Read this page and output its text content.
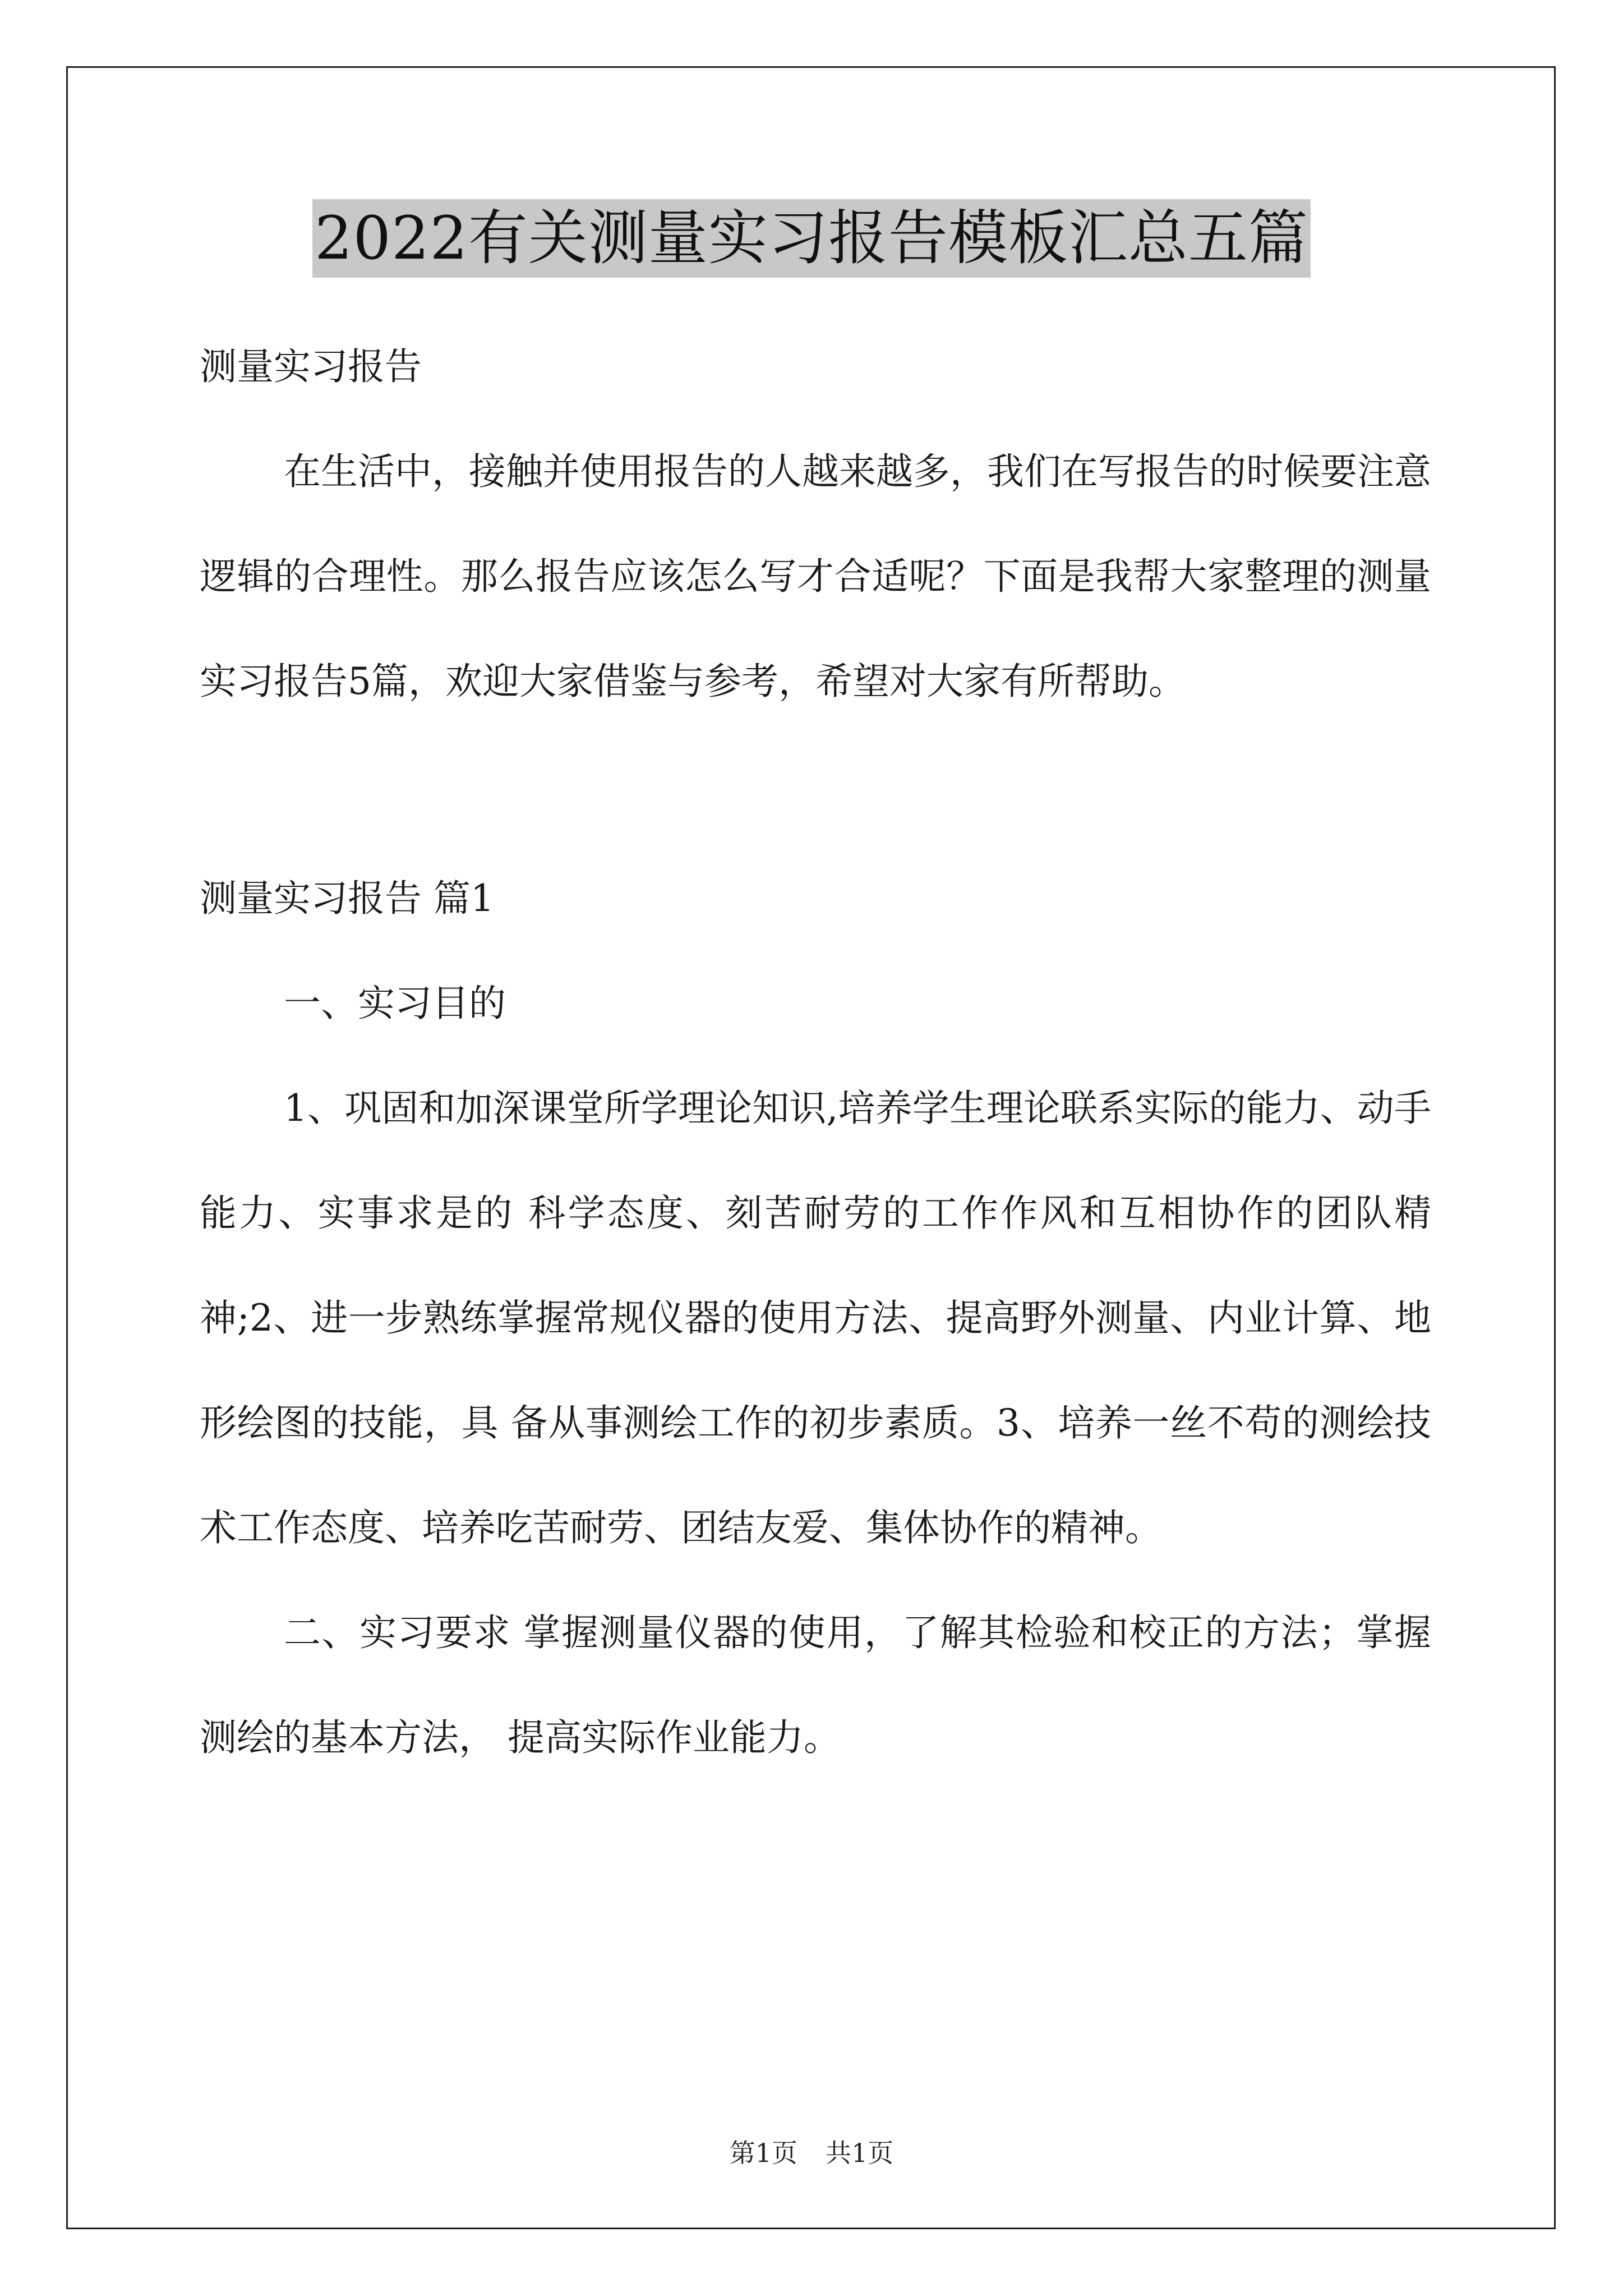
2022有关测量实习报告模板汇总五篇

测量实习报告

在生活中，接触并使用报告的人越来越多，我们在写报告的时候要注意逻辑的合理性。那么报告应该怎么写才合适呢？下面是我帮大家整理的测量实习报告5篇，欢迎大家借鉴与参考，希望对大家有所帮助。

测量实习报告 篇1

一、实习目的

1、巩固和加深课堂所学理论知识,培养学生理论联系实际的能力、动手能力、实事求是的 科学态度、刻苦耐劳的工作作风和互相协作的团队精神;2、进一步熟练掌握常规仪器的使用方法、提高野外测量、内业计算、地形绘图的技能，具 备从事测绘工作的初步素质。3、培养一丝不苟的测绘技术工作态度、培养吃苦耐劳、团结友爱、集体协作的精神。

二、实习要求 掌握测量仪器的使用，了解其检验和校正的方法；掌握测绘的基本方法， 提高实际作业能力。

第1页 共1页
